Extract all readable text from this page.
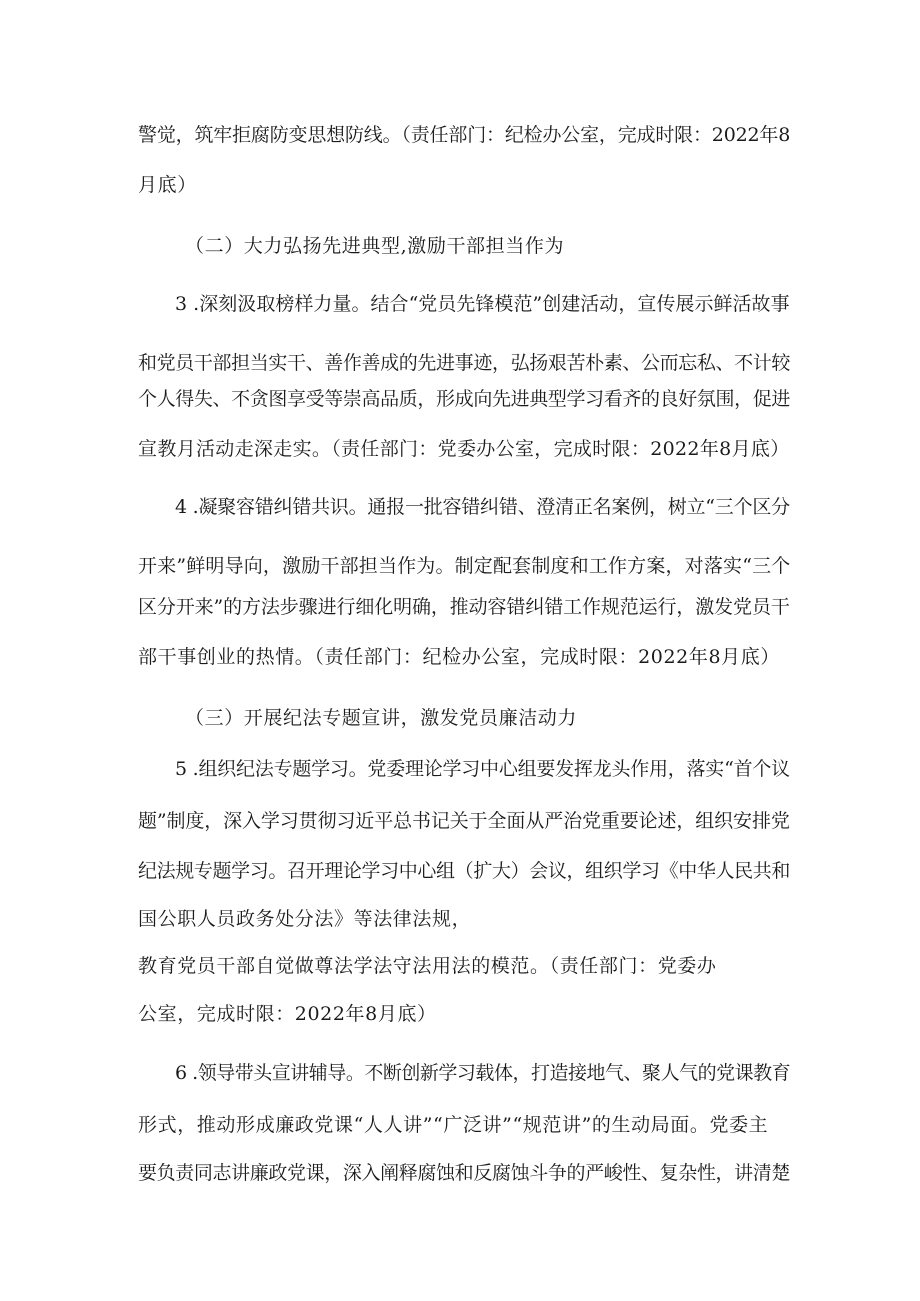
警觉，筑牢拒腐防变思想防线。（责任部门：纪检办公室，完成时限：2022年8
月底）
（二）大力弘扬先进典型,激励干部担当作为
3 .深刻汲取榜样力量。结合“党员先锋模范”创建活动，宣传展示鲜活故事
和党员干部担当实干、善作善成的先进事迹，弘扬艰苦朴素、公而忘私、不计较
个人得失、不贪图享受等崇高品质，形成向先进典型学习看齐的良好氛围，促进
宣教月活动走深走实。（责任部门：党委办公室，完成时限：2022年8月底）
4 .凝聚容错纠错共识。通报一批容错纠错、澄清正名案例，树立“三个区分
开来”鲜明导向，激励干部担当作为。制定配套制度和工作方案，对落实“三个
区分开来”的方法步骤进行细化明确，推动容错纠错工作规范运行，激发党员干
部干事创业的热情。（责任部门：纪检办公室，完成时限：2022年8月底）
（三）开展纪法专题宣讲，激发党员廉洁动力
5 .组织纪法专题学习。党委理论学习中心组要发挥龙头作用，落实“首个议
题”制度，深入学习贯彻习近平总书记关于全面从严治党重要论述，组织安排党
纪法规专题学习。召开理论学习中心组（扩大）会议，组织学习《中华人民共和
国公职人员政务处分法》等法律法规，
教育党员干部自觉做尊法学法守法用法的模范。（责任部门：党委办
公室，完成时限：2022年8月底）
6 .领导带头宣讲辅导。不断创新学习载体，打造接地气、聚人气的党课教育
形式，推动形成廉政党课“人人讲”“广泛讲”“规范讲”的生动局面。党委主
要负责同志讲廉政党课，深入阐释腐蚀和反腐蚀斗争的严峻性、复杂性，讲清楚
